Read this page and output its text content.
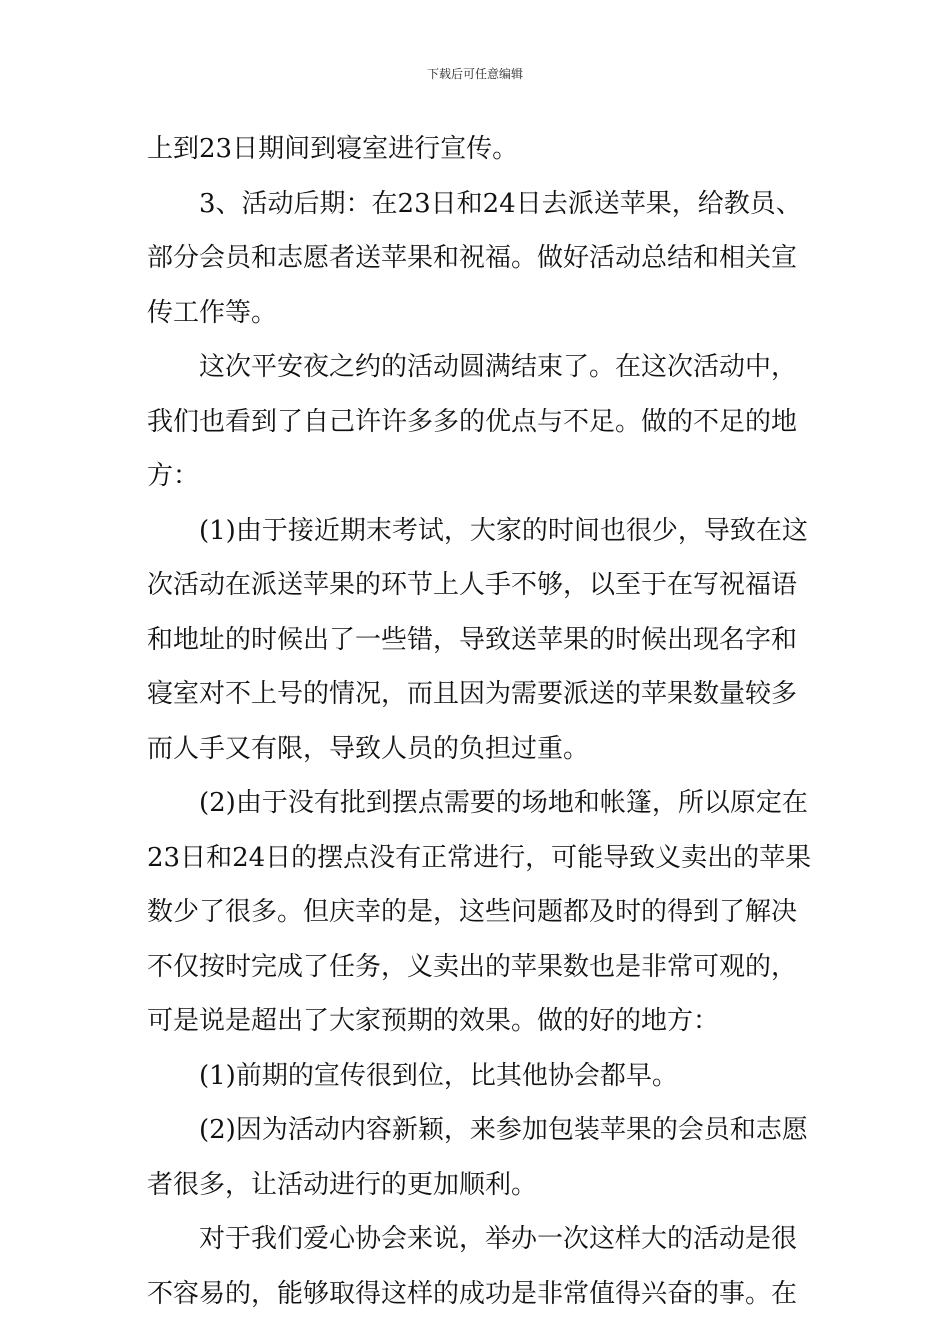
下载后可任意编辑
上到23日期间到寝室进行宣传。
3、活动后期：在23日和24日去派送苹果，给教员、
部分会员和志愿者送苹果和祝福。做好活动总结和相关宣
传工作等。
这次平安夜之约的活动圆满结束了。在这次活动中，
我们也看到了自己许许多多的优点与不足。做的不足的地
方：
(1)由于接近期末考试，大家的时间也很少，导致在这
次活动在派送苹果的环节上人手不够，以至于在写祝福语
和地址的时候出了一些错，导致送苹果的时候出现名字和
寝室对不上号的情况，而且因为需要派送的苹果数量较多
而人手又有限，导致人员的负担过重。
(2)由于没有批到摆点需要的场地和帐篷，所以原定在
23日和24日的摆点没有正常进行，可能导致义卖出的苹果
数少了很多。但庆幸的是，这些问题都及时的得到了解决
不仅按时完成了任务，义卖出的苹果数也是非常可观的，
可是说是超出了大家预期的效果。做的好的地方：
(1)前期的宣传很到位，比其他协会都早。
(2)因为活动内容新颖，来参加包装苹果的会员和志愿
者很多，让活动进行的更加顺利。
对于我们爱心协会来说，举办一次这样大的活动是很
不容易的，能够取得这样的成功是非常值得兴奋的事。在
